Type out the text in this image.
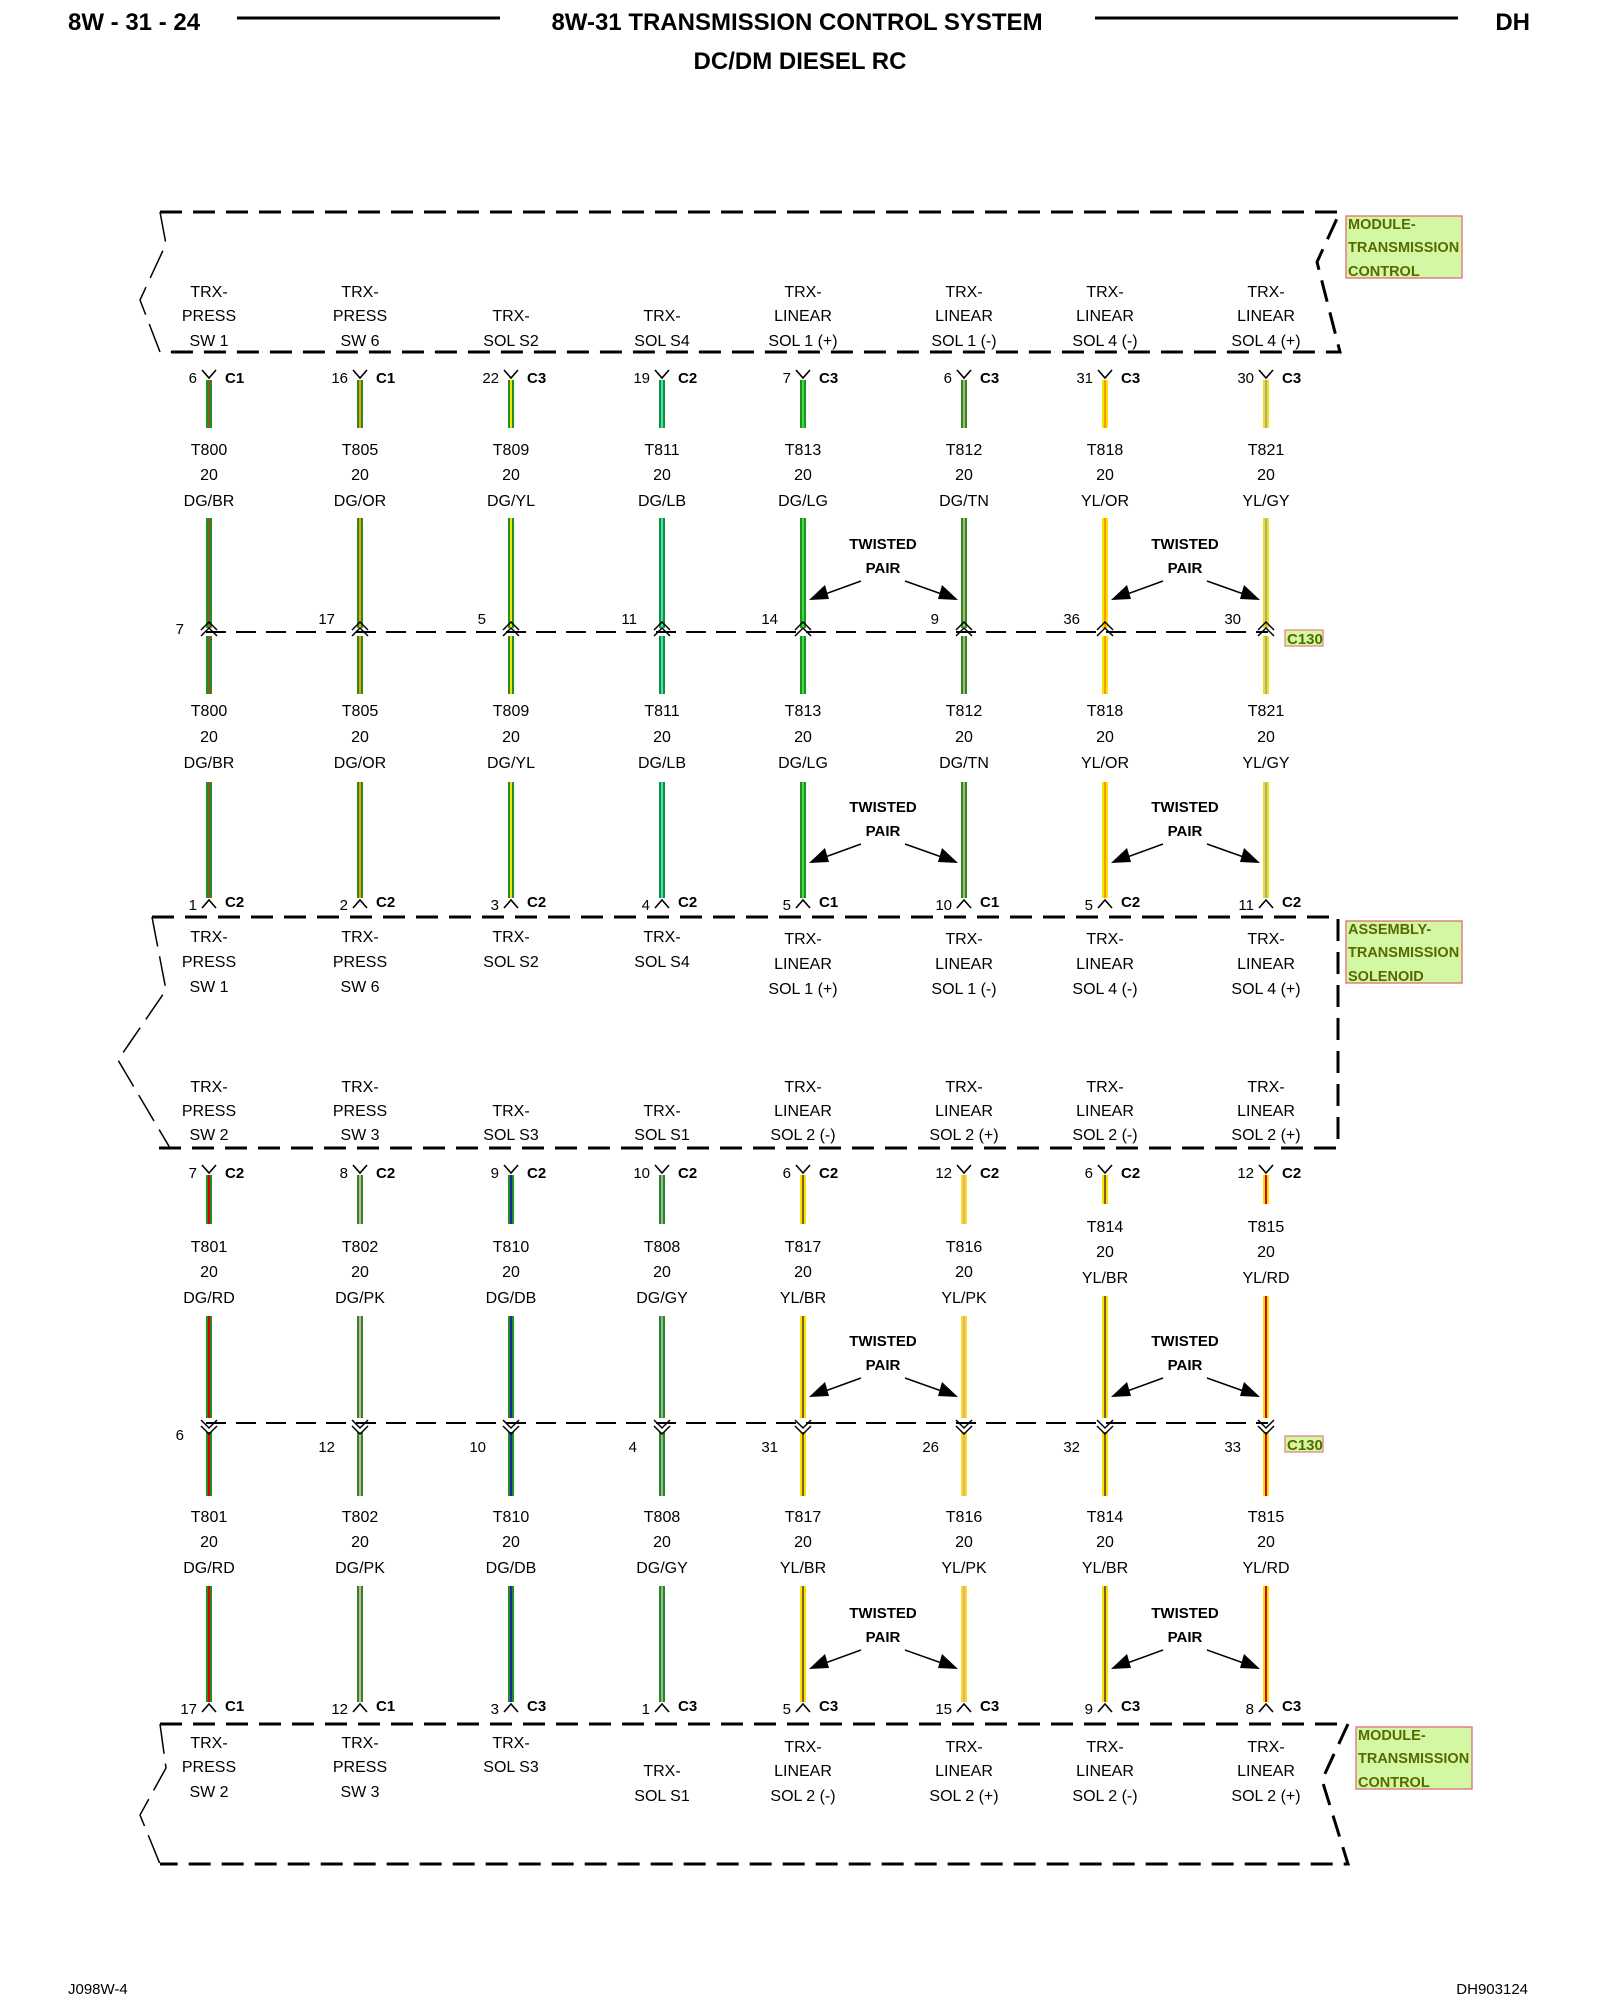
8W - 31 - 24	8W-31 TRANSMISSION CONTROL SYSTEM	DH
DC/DM DIESEL RC
MODULE-
TRANSMISSION
CONTROL
ASSEMBLY-
TRANSMISSION
SOLENOID
MODULE-
TRANSMISSION
CONTROL
C130
C130
TRX-
PRESS
SW 1
6 C1
T800
20
DG/BR
7
T800
20
DG/BR
1 C2
TRX-
PRESS
SW 1
TRX-
PRESS
SW 6
16 C1
T805
20
DG/OR
17
T805
20
DG/OR
2 C2
TRX-
PRESS
SW 6
TRX-
SOL S2
22 C3
T809
20
DG/YL
5
T809
20
DG/YL
3 C2
TRX-
SOL S2
TRX-
SOL S4
19 C2
T811
20
DG/LB
11
T811
20
DG/LB
4 C2
TRX-
SOL S4
TRX-
LINEAR
SOL 1 (+)
7 C3
T813
20
DG/LG
14
T813
20
DG/LG
5 C1
TRX-
LINEAR
SOL 1 (+)
TRX-
LINEAR
SOL 1 (-)
6 C3
T812
20
DG/TN
9
T812
20
DG/TN
10 C1
TRX-
LINEAR
SOL 1 (-)
TRX-
LINEAR
SOL 4 (-)
31 C3
T818
20
YL/OR
36
T818
20
YL/OR
5 C2
TRX-
LINEAR
SOL 4 (-)
TRX-
LINEAR
SOL 4 (+)
30 C3
T821
20
YL/GY
30
T821
20
YL/GY
11 C2
TRX-
LINEAR
SOL 4 (+)
TRX-
PRESS
SW 2
7 C2
T801
20
DG/RD
6
T801
20
DG/RD
17 C1
TRX-
PRESS
SW 2
TRX-
PRESS
SW 3
8 C2
T802
20
DG/PK
12
T802
20
DG/PK
12 C1
TRX-
PRESS
SW 3
TRX-
SOL S3
9 C2
T810
20
DG/DB
10
T810
20
DG/DB
3 C3
TRX-
SOL S3
TRX-
SOL S1
10 C2
T808
20
DG/GY
4
T808
20
DG/GY
1 C3
TRX-
SOL S1
TRX-
LINEAR
SOL 2 (-)
6 C2
T817
20
YL/BR
31
T817
20
YL/BR
5 C3
TRX-
LINEAR
SOL 2 (-)
TRX-
LINEAR
SOL 2 (+)
12 C2
T816
20
YL/PK
26
T816
20
YL/PK
15 C3
TRX-
LINEAR
SOL 2 (+)
TRX-
LINEAR
SOL 2 (-)
6 C2
T814
20
YL/BR
32
T814
20
YL/BR
9 C3
TRX-
LINEAR
SOL 2 (-)
TRX-
LINEAR
SOL 2 (+)
12 C2
T815
20
YL/RD
33
T815
20
YL/RD
8 C3
TRX-
LINEAR
SOL 2 (+)
TWISTED
PAIR
TWISTED
PAIR
TWISTED
PAIR
TWISTED
PAIR
TWISTED
PAIR
TWISTED
PAIR
TWISTED
PAIR
TWISTED
PAIR
J098W-4	DH903124
